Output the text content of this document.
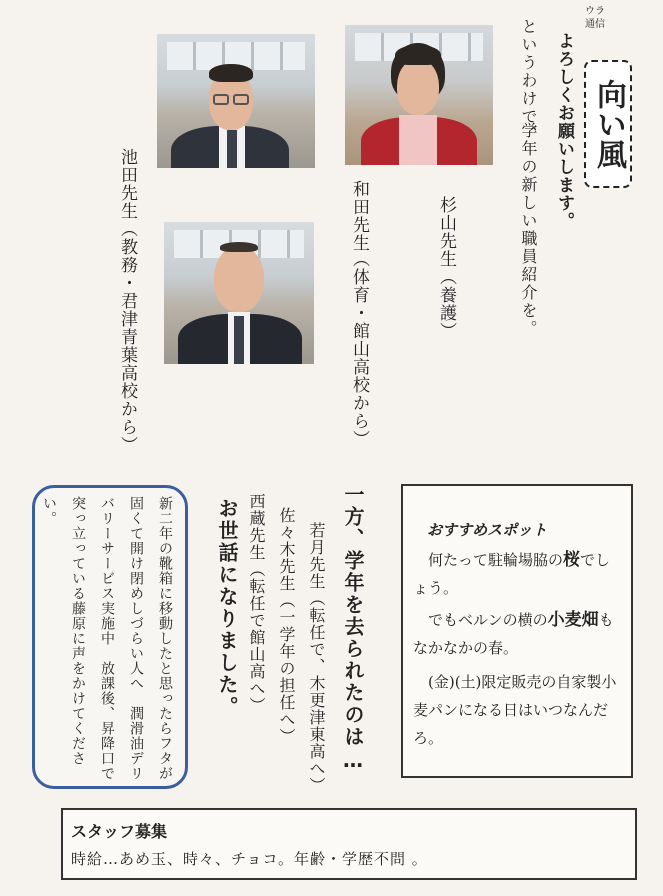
ウラ
通信
よろしくお願いします。 向い風
というわけで、
学年の新しい職員紹介を。
杉山先生
（養護）
和田先生
（体育・館山高校から）
池田先生
（教務・君津青葉高校から）
一方、学年を去られたのは…
若月先生（転任で、木更津東高へ）
佐々木先生（一学年の担任へ）
西蔵先生（転任で館山高へ）
お世話になりました。
新二年の靴箱に移動したと思ったらフタが固くて開け閉めしづらい人へ　潤滑油デリバリーサービス実施中　放課後、昇降口で突っ立っている藤原に声をかけてください。
おすすめスポット
何たって駐輪場脇の桜でしょう。
でもベルンの横の小麦畑もなかなかの春。
(金)(土)限定販売の自家製小麦パンになる日はいつなんだろ。
スタッフ募集
時給…あめ玉、時々、チョコ。年齢・学歴不問 。
